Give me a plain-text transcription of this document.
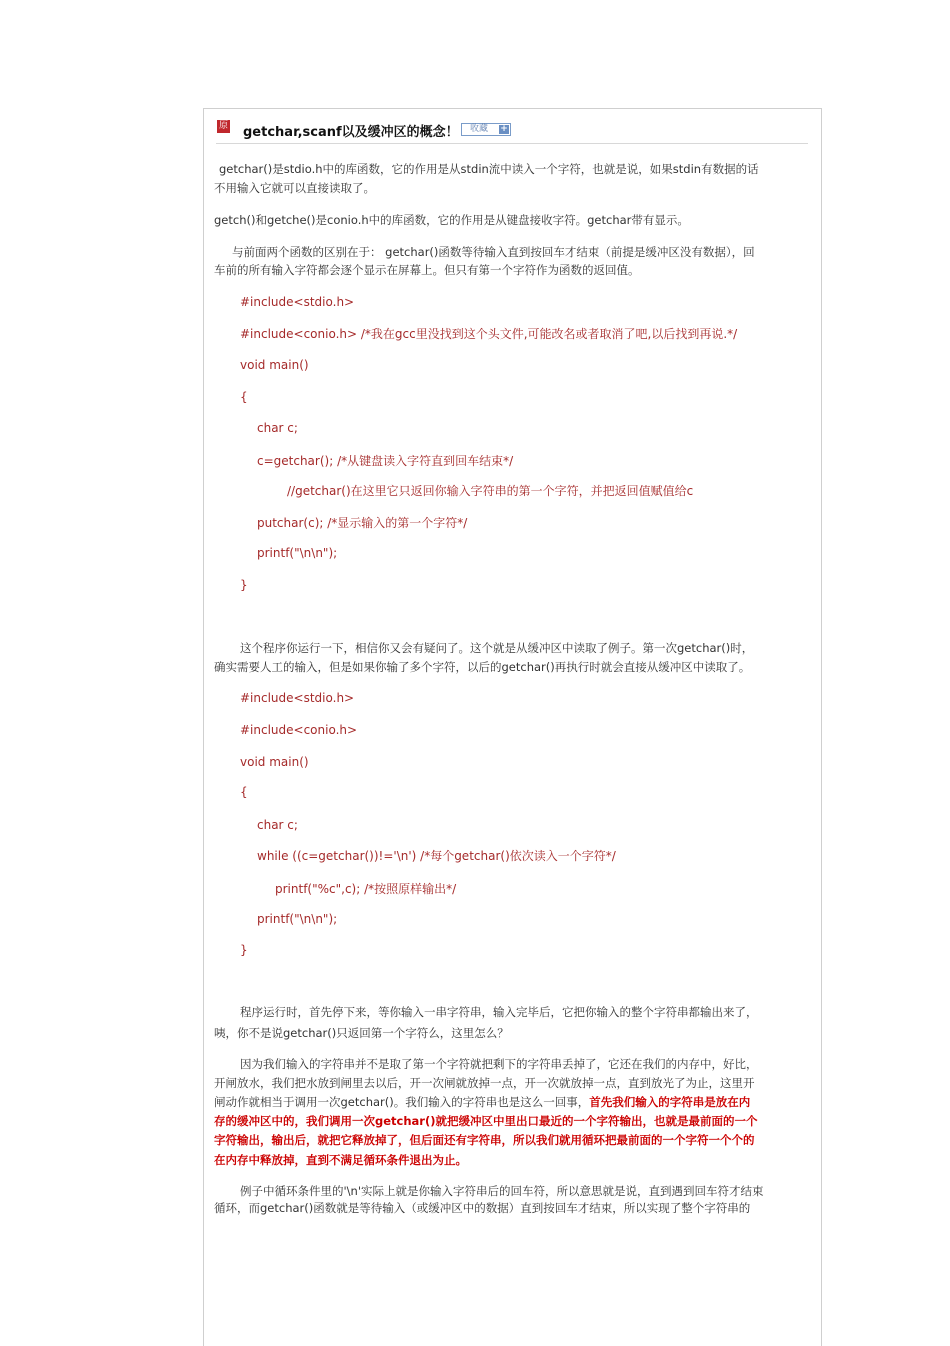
原 getchar,scanf以及缓冲区的概念！ 收藏 +
getchar()是stdio.h中的库函数，它的作用是从stdin流中读入一个字符，也就是说，如果stdin有数据的话
不用输入它就可以直接读取了。
getch()和getche()是conio.h中的库函数，它的作用是从键盘接收字符。getchar带有显示。
与前面两个函数的区别在于： getchar()函数等待输入直到按回车才结束（前提是缓冲区没有数据），回
车前的所有输入字符都会逐个显示在屏幕上。但只有第一个字符作为函数的返回值。
#include<stdio.h>
#include<conio.h> /*我在gcc里没找到这个头文件,可能改名或者取消了吧,以后找到再说.*/
void main()
{
char c;
c=getchar(); /*从键盘读入字符直到回车结束*/
//getchar()在这里它只返回你输入字符串的第一个字符，并把返回值赋值给c
putchar(c); /*显示输入的第一个字符*/
printf("\n\n");
}
这个程序你运行一下，相信你又会有疑问了。这个就是从缓冲区中读取了例子。第一次getchar()时，
确实需要人工的输入，但是如果你输了多个字符，以后的getchar()再执行时就会直接从缓冲区中读取了。
#include<stdio.h>
#include<conio.h>
void main()
{
char c;
while ((c=getchar())!='\n') /*每个getchar()依次读入一个字符*/
printf("%c",c); /*按照原样输出*/
printf("\n\n");
}
程序运行时，首先停下来，等你输入一串字符串，输入完毕后，它把你输入的整个字符串都输出来了，
咦，你不是说getchar()只返回第一个字符么，这里怎么？
因为我们输入的字符串并不是取了第一个字符就把剩下的字符串丢掉了，它还在我们的内存中，好比，
开闸放水，我们把水放到闸里去以后，开一次闸就放掉一点，开一次就放掉一点，直到放光了为止，这里开
闸动作就相当于调用一次getchar()。我们输入的字符串也是这么一回事，首先我们输入的字符串是放在内
存的缓冲区中的，我们调用一次getchar()就把缓冲区中里出口最近的一个字符输出，也就是最前面的一个
字符输出，输出后，就把它释放掉了，但后面还有字符串，所以我们就用循环把最前面的一个字符一个个的
在内存中释放掉，直到不满足循环条件退出为止。
例子中循环条件里的'\n'实际上就是你输入字符串后的回车符，所以意思就是说，直到遇到回车符才结束
循环，而getchar()函数就是等待输入（或缓冲区中的数据）直到按回车才结束，所以实现了整个字符串的
